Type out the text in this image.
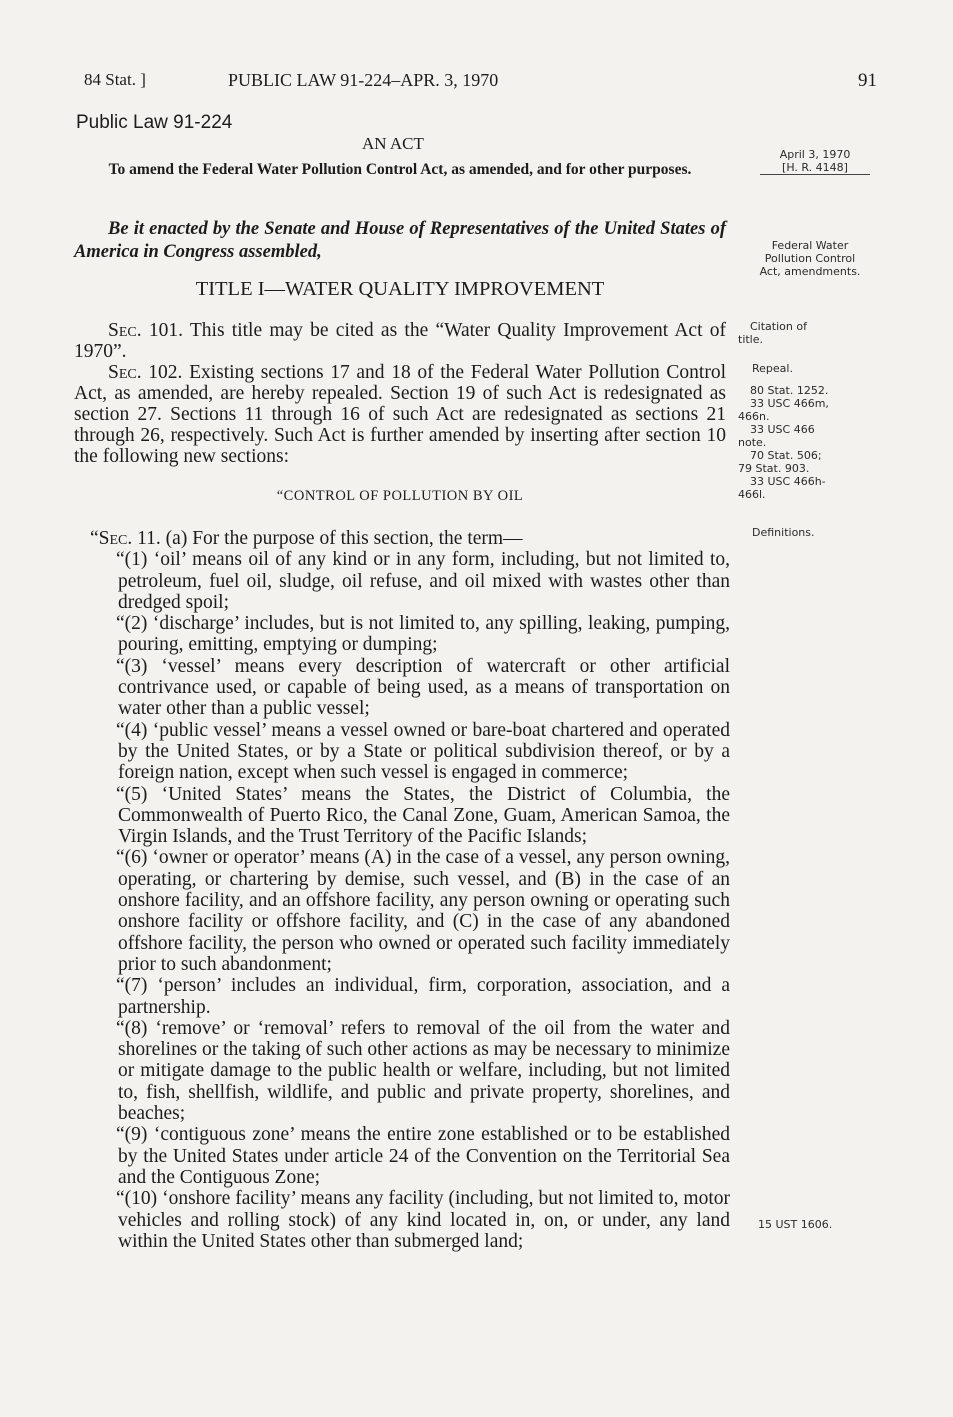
84 Stat. ]	PUBLIC LAW 91-224–APR. 3, 1970	91
Public Law 91-224
AN ACT
To amend the Federal Water Pollution Control Act, as amended, and for other purposes.
Be it enacted by the Senate and House of Representatives of the United States of America in Congress assembled,
TITLE I—WATER QUALITY IMPROVEMENT

Sec. 101. This title may be cited as the “Water Quality Improvement Act of 1970”.

Sec. 102. Existing sections 17 and 18 of the Federal Water Pollution Control Act, as amended, are hereby repealed. Section 19 of such Act is redesignated as section 27. Sections 11 through 16 of such Act are redesignated as sections 21 through 26, respectively. Such Act is further amended by inserting after section 10 the following new sections:

“CONTROL OF POLLUTION BY OIL

“Sec. 11. (a) For the purpose of this section, the term—

“(1) ‘oil’ means oil of any kind or in any form, including, but not limited to, petroleum, fuel oil, sludge, oil refuse, and oil mixed with wastes other than dredged spoil;

“(2) ‘discharge’ includes, but is not limited to, any spilling, leaking, pumping, pouring, emitting, emptying or dumping;

“(3) ‘vessel’ means every description of watercraft or other artificial contrivance used, or capable of being used, as a means of transportation on water other than a public vessel;

“(4) ‘public vessel’ means a vessel owned or bare-boat chartered and operated by the United States, or by a State or political subdivision thereof, or by a foreign nation, except when such vessel is engaged in commerce;

“(5) ‘United States’ means the States, the District of Columbia, the Commonwealth of Puerto Rico, the Canal Zone, Guam, American Samoa, the Virgin Islands, and the Trust Territory of the Pacific Islands;

“(6) ‘owner or operator’ means (A) in the case of a vessel, any person owning, operating, or chartering by demise, such vessel, and (B) in the case of an onshore facility, and an offshore facility, any person owning or operating such onshore facility or offshore facility, and (C) in the case of any abandoned offshore facility, the person who owned or operated such facility immediately prior to such abandonment;

“(7) ‘person’ includes an individual, firm, corporation, association, and a partnership.

“(8) ‘remove’ or ‘removal’ refers to removal of the oil from the water and shorelines or the taking of such other actions as may be necessary to minimize or mitigate damage to the public health or welfare, including, but not limited to, fish, shellfish, wildlife, and public and private property, shorelines, and beaches;

“(9) ‘contiguous zone’ means the entire zone established or to be established by the United States under article 24 of the Convention on the Territorial Sea and the Contiguous Zone;

“(10) ‘onshore facility’ means any facility (including, but not limited to, motor vehicles and rolling stock) of any kind located in, on, or under, any land within the United States other than submerged land;

April 3, 1970
[H. R. 4148]
Federal Water
Pollution Control
Act, amendments.
Citation of
title.
Repeal.
80 Stat. 1252.
33 USC 466m,
466n.
33 USC 466
note.
70 Stat. 506;
79 Stat. 903.
33 USC 466h-
466l.
Definitions.
15 UST 1606.
